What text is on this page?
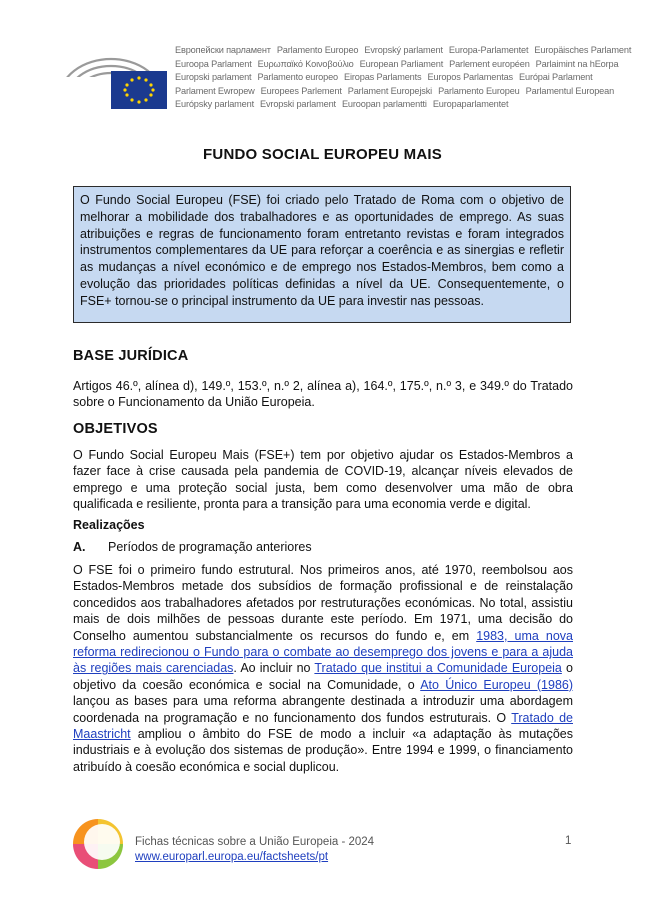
Европейски парламент Parlamento Europeo Evropský parlament Europa-Parlamentet Europäisches Parlament
Euroopa Parlament Ευρωπαϊκό Κοινοβούλιο European Parliament Parlement européen Parlaimint na hEorpa
Europski parlament Parlamento europeo Eiropas Parlaments Europos Parlamentas Európai Parlament
Parlament Ewropew Europees Parlement Parlament Europejski Parlamento Europeu Parlamentul European
Európsky parlament Evropski parlament Euroopan parlamentti Europaparlamentet
FUNDO SOCIAL EUROPEU MAIS
O Fundo Social Europeu (FSE) foi criado pelo Tratado de Roma com o objetivo de melhorar a mobilidade dos trabalhadores e as oportunidades de emprego. As suas atribuições e regras de funcionamento foram entretanto revistas e foram integrados instrumentos complementares da UE para reforçar a coerência e as sinergias e refletir as mudanças a nível económico e de emprego nos Estados-Membros, bem como a evolução das prioridades políticas definidas a nível da UE. Consequentemente, o FSE+ tornou-se o principal instrumento da UE para investir nas pessoas.
BASE JURÍDICA
Artigos 46.º, alínea d), 149.º, 153.º, n.º 2, alínea a), 164.º, 175.º, n.º 3, e 349.º do Tratado sobre o Funcionamento da União Europeia.
OBJETIVOS
O Fundo Social Europeu Mais (FSE+) tem por objetivo ajudar os Estados-Membros a fazer face à crise causada pela pandemia de COVID-19, alcançar níveis elevados de emprego e uma proteção social justa, bem como desenvolver uma mão de obra qualificada e resiliente, pronta para a transição para uma economia verde e digital.
Realizações
A. Períodos de programação anteriores
O FSE foi o primeiro fundo estrutural. Nos primeiros anos, até 1970, reembolsou aos Estados-Membros metade dos subsídios de formação profissional e de reinstalação concedidos aos trabalhadores afetados por restruturações económicas. No total, assistiu mais de dois milhões de pessoas durante este período. Em 1971, uma decisão do Conselho aumentou substancialmente os recursos do fundo e, em 1983, uma nova reforma redirecionou o Fundo para o combate ao desemprego dos jovens e para a ajuda às regiões mais carenciadas. Ao incluir no Tratado que institui a Comunidade Europeia o objetivo da coesão económica e social na Comunidade, o Ato Único Europeu (1986) lançou as bases para uma reforma abrangente destinada a introduzir uma abordagem coordenada na programação e no funcionamento dos fundos estruturais. O Tratado de Maastricht ampliou o âmbito do FSE de modo a incluir «a adaptação às mutações industriais e à evolução dos sistemas de produção». Entre 1994 e 1999, o financiamento atribuído à coesão económica e social duplicou.
Fichas técnicas sobre a União Europeia - 2024
www.europarl.europa.eu/factsheets/pt
1
